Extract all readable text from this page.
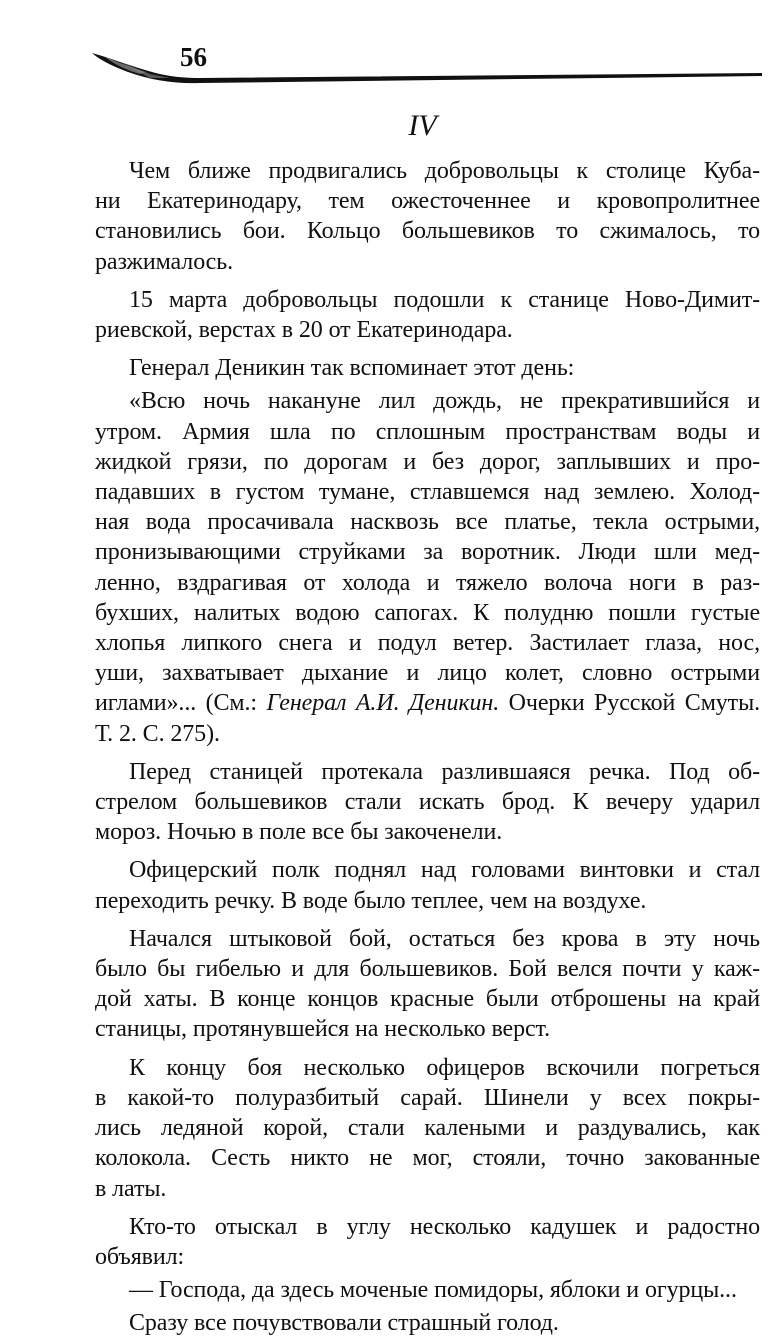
56
IV

Чем ближе продвигались добровольцы к столице Куба-
ни Екатеринодару, тем ожесточеннее и кровопролитнее
становились бои. Кольцо большевиков то сжималось, то
разжималось.

15 марта добровольцы подошли к станице Ново-Димит-
риевской, верстах в 20 от Екатеринодара.

Генерал Деникин так вспоминает этот день:

«Всю ночь накануне лил дождь, не прекратившийся и
утром. Армия шла по сплошным пространствам воды и
жидкой грязи, по дорогам и без дорог, заплывших и про-
падавших в густом тумане, стлавшемся над землею. Холод-
ная вода просачивала насквозь все платье, текла острыми,
пронизывающими струйками за воротник. Люди шли мед-
ленно, вздрагивая от холода и тяжело волоча ноги в раз-
бухших, налитых водою сапогах. К полудню пошли густые
хлопья липкого снега и подул ветер. Застилает глаза, нос,
уши, захватывает дыхание и лицо колет, словно острыми
иглами»... (См.: Генерал А.И. Деникин. Очерки Русской Смуты.
Т. 2. С. 275).

Перед станицей протекала разлившаяся речка. Под об-
стрелом большевиков стали искать брод. К вечеру ударил
мороз. Ночью в поле все бы закоченели.

Офицерский полк поднял над головами винтовки и стал
переходить речку. В воде было теплее, чем на воздухе.

Начался штыковой бой, остаться без крова в эту ночь
было бы гибелью и для большевиков. Бой велся почти у каж-
дой хаты. В конце концов красные были отброшены на край
станицы, протянувшейся на несколько верст.

К концу боя несколько офицеров вскочили погреться
в какой-то полуразбитый сарай. Шинели у всех покры-
лись ледяной корой, стали калеными и раздувались, как
колокола. Сесть никто не мог, стояли, точно закованные
в латы.

Кто-то отыскал в углу несколько кадушек и радостно
объявил:

— Господа, да здесь моченые помидоры, яблоки и огурцы...

Сразу все почувствовали страшный голод.
